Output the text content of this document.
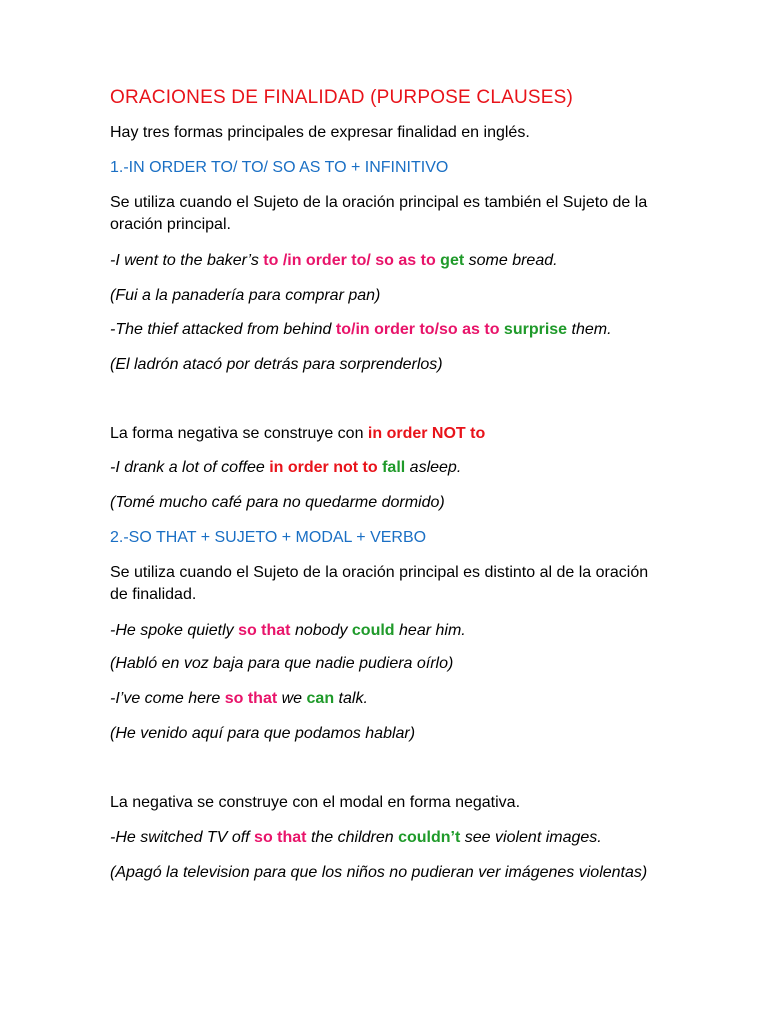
ORACIONES DE FINALIDAD (PURPOSE CLAUSES)
Hay tres formas principales de expresar finalidad en inglés.
1.-IN ORDER TO/ TO/ SO AS TO + INFINITIVO
Se utiliza cuando el Sujeto de la oración principal es también el Sujeto de la oración principal.
-I went to the baker’s to /in order to/ so as to get some bread.
(Fui a la panadería para comprar pan)
-The thief attacked from behind to/in order to/so as to surprise them.
(El ladrón atacó por detrás para sorprenderlos)
La forma negativa se construye con in order NOT to
-I drank a lot of coffee in order not to fall asleep.
(Tomé mucho café para no quedarme dormido)
2.-SO THAT + SUJETO + MODAL + VERBO
Se utiliza cuando el Sujeto de la oración principal es distinto al de la oración de finalidad.
-He spoke quietly so that nobody could hear him.
(Habló en voz baja para que nadie pudiera oírlo)
-I’ve come here so that we can talk.
(He venido aquí para que podamos hablar)
La negativa se construye con el modal en forma negativa.
-He switched TV off so that the children couldn’t see violent images.
(Apagó la television para que los niños no pudieran ver imágenes violentas)
